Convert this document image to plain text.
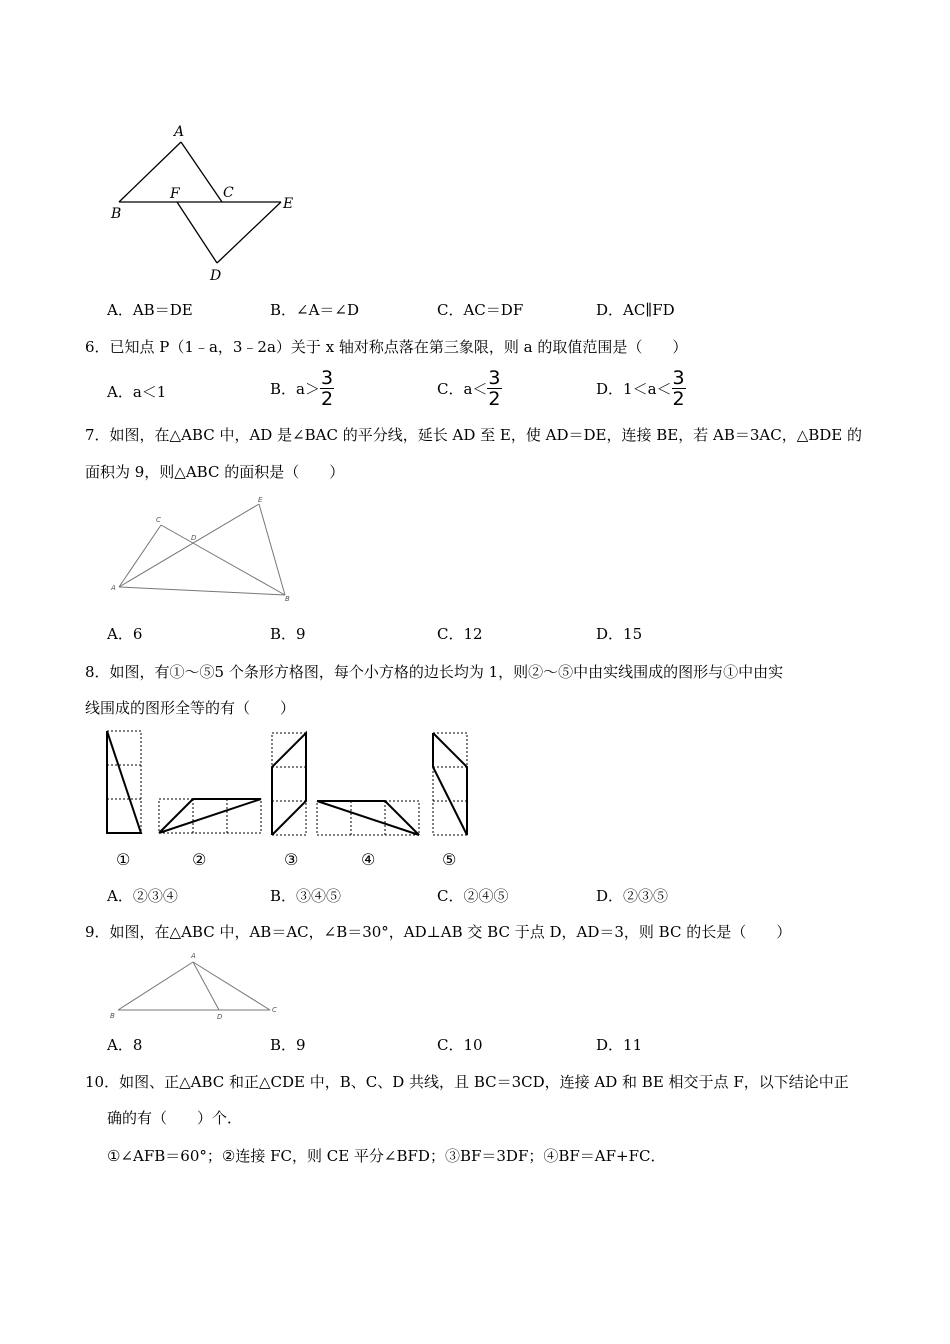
A
B
F	C
E
D
A．AB＝DE	B．∠A＝∠D	C．AC＝DF	D．AC∥FD
6．已知点 P（1﹣a，3﹣2a）关于 x 轴对称点落在第三象限，则 a 的取值范围是（　　）
A．a＜1	B．$a> \frac{3}{2}$	C．$a< \frac{3}{2}$	D．$1<a< \frac{3}{2}$
7．如图，在△ABC 中，AD 是∠BAC 的平分线，延长 AD 至 E，使 AD＝DE，连接 BE，若 AB＝3AC，△BDE 的
面积为 9，则△ABC 的面积是（　　）
A
C
D
E
B
A．6	B．9	C．12	D．15
8．如图，有①～⑤5 个条形方格图，每个小方格的边长均为 1，则②～⑤中由实线围成的图形与①中由实
线围成的图形全等的有（　　）
①	②	③	④	⑤
A．②③④	B．③④⑤	C．②④⑤	D．②③⑤
9．如图，在△ABC 中，AB＝AC，∠B＝30°，AD⊥AB 交 BC 于点 D，AD＝3，则 BC 的长是（　　）
A
B	D
C
A．8	B．9	C．10	D．11
10．如图、正△ABC 和正△CDE 中，B、C、D 共线，且 BC＝3CD，连接 AD 和 BE 相交于点 F，以下结论中正
确的有（　　）个．
①∠AFB＝60°；②连接 FC，则 CE 平分∠BFD；③BF＝3DF；④BF＝AF+FC．
